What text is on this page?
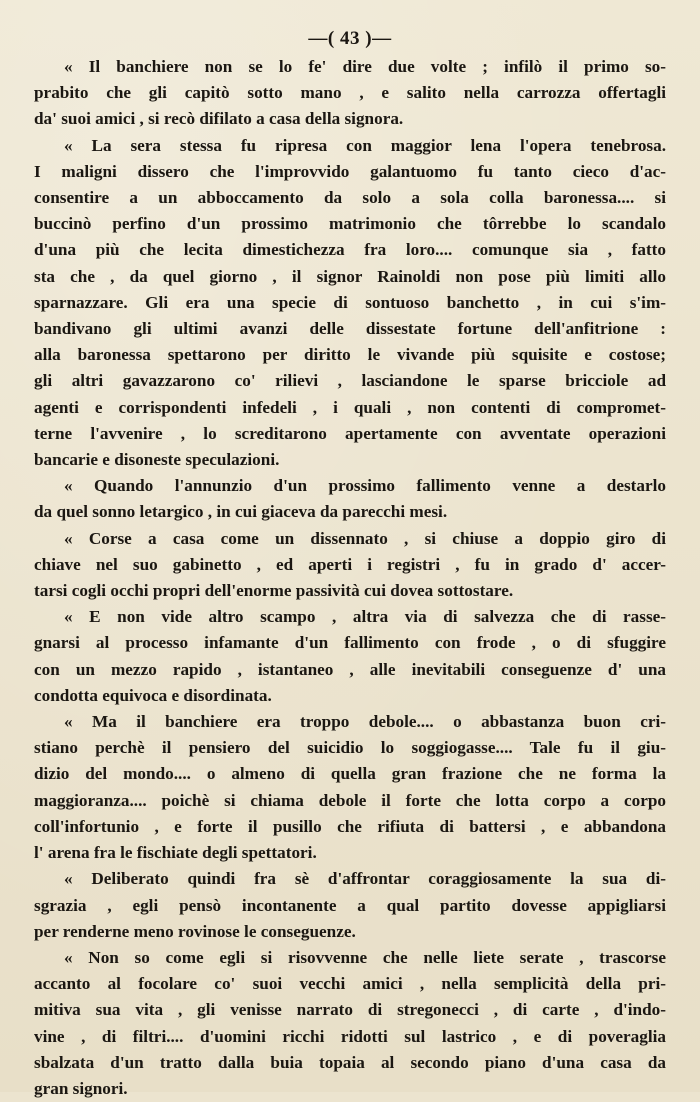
—( 43 )—

« Il banchiere non se lo fe' dire due volte ; infilò il primo so-
prabito che gli capitò sotto mano , e salito nella carrozza offertagli
da' suoi amici , si recò difilato a casa della signora.

« La sera stessa fu ripresa con maggior lena l'opera tenebrosa.
I maligni dissero che l'improvvido galantuomo fu tanto cieco d'ac-
consentire a un abboccamento da solo a sola colla baronessa.... si
buccinò perfino d'un prossimo matrimonio che tôrrebbe lo scandalo
d'una più che lecita dimestichezza fra loro.... comunque sia , fatto
sta che , da quel giorno , il signor Rainoldi non pose più limiti allo
sparnazzare. Gli era una specie di sontuoso banchetto , in cui s'im-
bandivano gli ultimi avanzi delle dissestate fortune dell'anfitrione :
alla baronessa spettarono per diritto le vivande più squisite e costose;
gli altri gavazzarono co' rilievi , lasciandone le sparse bricciole ad
agenti e corrispondenti infedeli , i quali , non contenti di compromet-
terne l'avvenire , lo screditarono apertamente con avventate operazioni
bancarie e disoneste speculazioni.

« Quando l'annunzio d'un prossimo fallimento venne a destarlo
da quel sonno letargico , in cui giaceva da parecchi mesi.

« Corse a casa come un dissennato , si chiuse a doppio giro di
chiave nel suo gabinetto , ed aperti i registri , fu in grado d' accer-
tarsi cogli occhi propri dell'enorme passività cui dovea sottostare.

« E non vide altro scampo , altra via di salvezza che di rasse-
gnarsi al processo infamante d'un fallimento con frode , o di sfuggire
con un mezzo rapido , istantaneo , alle inevitabili conseguenze d' una
condotta equivoca e disordinata.

« Ma il banchiere era troppo debole.... o abbastanza buon cri-
stiano perchè il pensiero del suicidio lo soggiogasse.... Tale fu il giu-
dizio del mondo.... o almeno di quella gran frazione che ne forma la
maggioranza.... poichè si chiama debole il forte che lotta corpo a corpo
coll'infortunio , e forte il pusillo che rifiuta di battersi , e abbandona
l' arena fra le fischiate degli spettatori.

« Deliberato quindi fra sè d'affrontar coraggiosamente la sua di-
sgrazia , egli pensò incontanente a qual partito dovesse appigliarsi
per renderne meno rovinose le conseguenze.

« Non so come egli si risovvenne che nelle liete serate , trascorse
accanto al focolare co' suoi vecchi amici , nella semplicità della pri-
mitiva sua vita , gli venisse narrato di stregonecci , di carte , d'indo-
vine , di filtri.... d'uomini ricchi ridotti sul lastrico , e di poveraglia
sbalzata d'un tratto dalla buia topaia al secondo piano d'una casa da
gran signori.
